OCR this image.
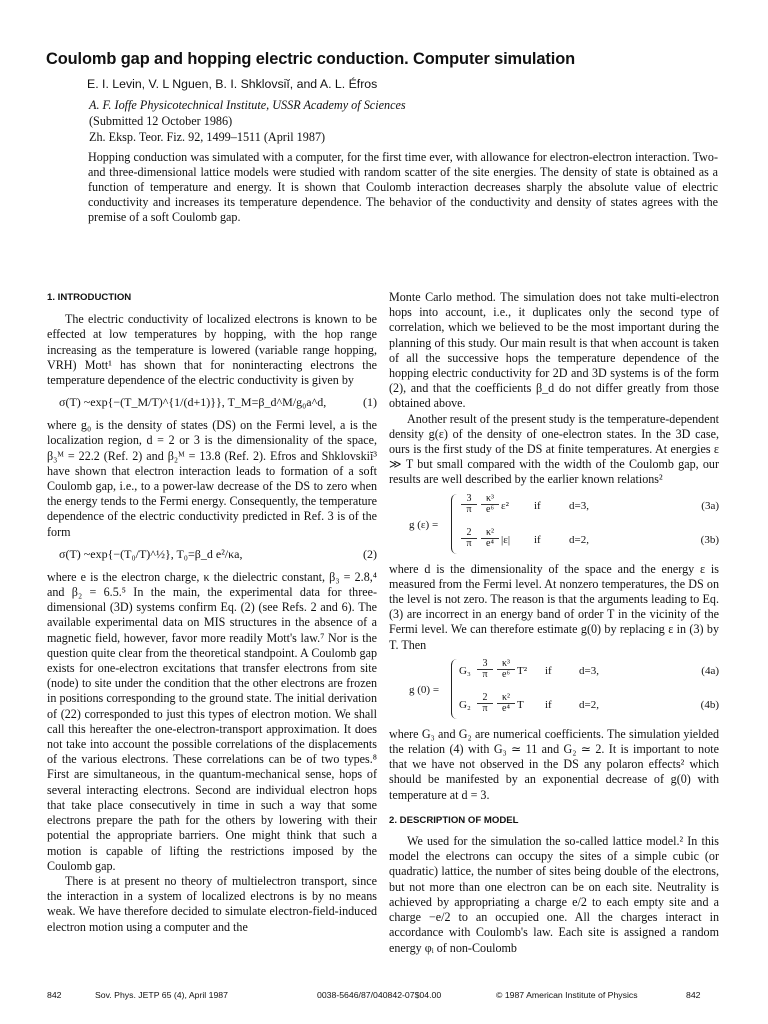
Coulomb gap and hopping electric conduction. Computer simulation
E. I. Levin, V. L Nguen, B. I. Shklovsiĭ, and A. L. Éfros
A. F. Ioffe Physicotechnical Institute, USSR Academy of Sciences
(Submitted 12 October 1986)
Zh. Eksp. Teor. Fiz. 92, 1499–1511 (April 1987)
Hopping conduction was simulated with a computer, for the first time ever, with allowance for electron-electron interaction. Two- and three-dimensional lattice models were studied with random scatter of the site energies. The density of state is obtained as a function of temperature and energy. It is shown that Coulomb interaction decreases sharply the absolute value of electric conductivity and increases its temperature dependence. The behavior of the conductivity and density of states agrees with the premise of a soft Coulomb gap.
1. INTRODUCTION

The electric conductivity of localized electrons is known to be effected at low temperatures by hopping, with the hop range increasing as the temperature is lowered (variable range hopping, VRH) Mott¹ has shown that for noninteracting electrons the temperature dependence of the electric conductivity is given by

σ(T) ~exp{−(T_M/T)^{1/(d+1)}}, T_M=β_d^M/g₀a^d,	(1)

where g₀ is the density of states (DS) on the Fermi level, a is the localization region, d = 2 or 3 is the dimensionality of the space, β₃ᴹ = 22.2 (Ref. 2) and β₂ᴹ = 13.8 (Ref. 2). Efros and Shklovskiĭ³ have shown that electron interaction leads to formation of a soft Coulomb gap, i.e., to a power-law decrease of the DS to zero when the energy tends to the Fermi energy. Consequently, the temperature dependence of the electric conductivity predicted in Ref. 3 is of the form

σ(T) ~exp{−(T₀/T)^½}, T₀=β_d e²/κa,	(2)

where e is the electron charge, κ the dielectric constant, β₃ = 2.8,⁴ and β₂ = 6.5.⁵ In the main, the experimental data for three-dimensional (3D) systems confirm Eq. (2) (see Refs. 2 and 6). The available experimental data on MIS structures in the absence of a magnetic field, however, favor more readily Mott's law.⁷ Nor is the question quite clear from the theoretical standpoint. A Coulomb gap exists for one-electron excitations that transfer electrons from site (node) to site under the condition that the other electrons are frozen in positions corresponding to the ground state. The initial derivation of (22) corresponded to just this types of electron motion. We shall call this hereafter the one-electron-transport approximation. It does not take into account the possible correlations of the displacements of the various electrons. These correlations can be of two types.⁸ First are simultaneous, in the quantum-mechanical sense, hops of several interacting electrons. Second are individual electron hops that take place consecutively in time in such a way that some electrons prepare the path for the others by lowering with their potential the appropriate barriers. One might think that such a motion is capable of lifting the restrictions imposed by the Coulomb gap.

There is at present no theory of multielectron transport, since the interaction in a system of localized electrons is by no means weak. We have therefore decided to simulate electron-field-induced electron motion using a computer and the

Monte Carlo method. The simulation does not take multi-electron hops into account, i.e., it duplicates only the second type of correlation, which we believed to be the most important during the planning of this study. Our main result is that when account is taken of all the successive hops the temperature dependence of the hopping electric conductivity for 2D and 3D systems is of the form (2), and that the coefficients β_d do not differ greatly from those obtained above.

Another result of the present study is the temperature-dependent density g(ε) of the density of one-electron states. In the 3D case, ours is the first study of the DS at finite temperatures. At energies ε ≫ T but small compared with the width of the Coulomb gap, our results are well described by the earlier known relations²

g (ε) =
$\frac{3}{\pi} \frac{\text{κ³}}{\text{e⁶}} \varepsilon^2$ if	d=3,	(3a)
$\frac{2}{\pi} \frac{\text{κ²}}{\text{e⁴}} |\varepsilon|$ if	d=2,	(3b)

where d is the dimensionality of the space and the energy ε is measured from the Fermi level. At nonzero temperatures, the DS on the level is not zero. The reason is that the arguments leading to Eq. (3) are incorrect in an energy band of order T in the vicinity of the Fermi level. We can therefore estimate g(0) by replacing ε in (3) by T. Then

g (0) =
$G_3 \frac{3}{\pi} \frac{\text{κ³}}{\text{e⁶}} T^2$ if d=3,	(4a)
$G_2 \frac{2}{\pi} \frac{\text{κ²}}{\text{e⁴}}$ T if d=2,	(4b)

where G₃ and G₂ are numerical coefficients. The simulation yielded the relation (4) with G₃ ≃ 11 and G₂ ≃ 2. It is important to note that we have not observed in the DS any polaron effects² which should be manifested by an exponential decrease of g(0) with temperature at d = 3.

2. DESCRIPTION OF MODEL

We used for the simulation the so-called lattice model.² In this model the electrons can occupy the sites of a simple cubic (or quadratic) lattice, the number of sites being double of the electrons, but not more than one electron can be on each site. Neutrality is achieved by appropriating a charge e/2 to each empty site and a charge −e/2 to an occupied one. All the charges interact in accordance with Coulomb's law. Each site is assigned a random energy φᵢ of non-Coulomb

842	Sov. Phys. JETP 65 (4), April 1987	0038-5646/87/040842-07$04.00	© 1987 American Institute of Physics	842
